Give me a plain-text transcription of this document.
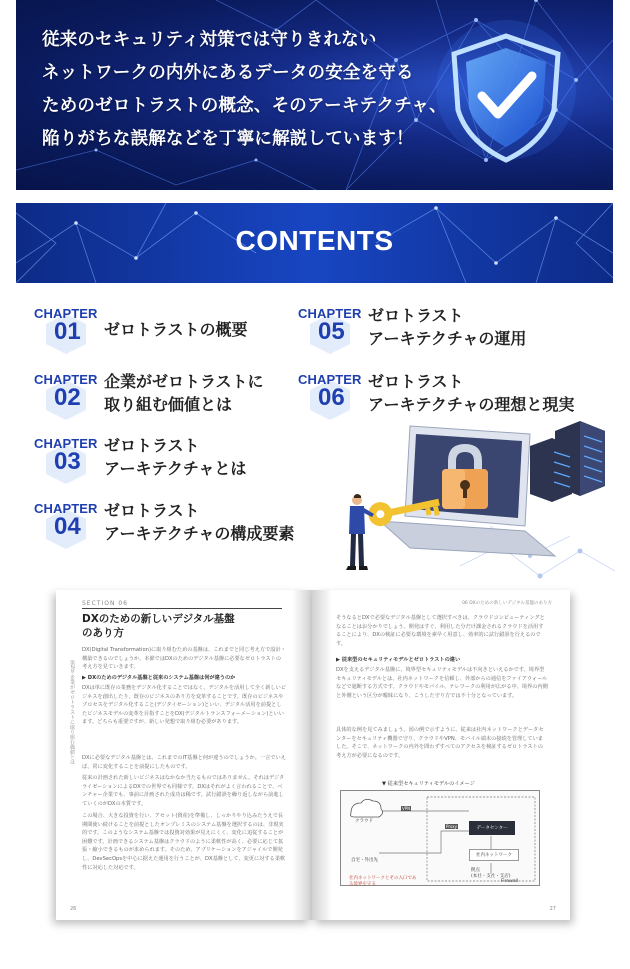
従来のセキュリティ対策では守りきれない
ネットワークの内外にあるデータの安全を守る
ためのゼロトラストの概念、そのアーキテクチャ、
陥りがちな誤解などを丁寧に解説しています！
CONTENTS
CHAPTER
01 ゼロトラストの概要
CHAPTER
02
企業がゼロトラストに
取り組む価値とは
CHAPTER
03
ゼロトラスト
アーキテクチャとは
CHAPTER
04
ゼロトラスト
アーキテクチャの構成要素
CHAPTER
05
ゼロトラスト
アーキテクチャの運用
CHAPTER
06
ゼロトラスト
アーキテクチャの理想と現実
SECTION 06
DXのための新しいデジタル基盤
のあり方
第2章 企業がゼロトラストに取り組む価値とは
DX(Digital Transformation)に取り組むための基盤は、これまでと同じ考え方で設計・構築できるのでしょうか。本節ではDXのためのデジタル基盤に必要なゼロトラストの考え方を見ていきます。
▶ DXのためのデジタル基盤と従来のシステム基盤は何が違うのか
DXは単に既存の業務をデジタル化することではなく、デジタルを活用して全く新しいビジネスを創出したり、既存のビジネスのあり方を変革することです。既存のビジネスやプロセスをデジタル化すること(デジタイゼーション)といい、デジタル活用を前提としたビジネスモデルの変革を目指すことをDX(デジタルトランスフォーメーション)といいます。どちらも重要ですが、新しい発想で取り組む必要があります。
DXに必要なデジタル基盤とは、これまでのIT基盤と何が違うのでしょうか。一言でいえば、常に変化することを前提にしたものです。
従来の計画された新しいビジネスはなかなか当たるものではありません。それはデジタライゼーションによるDXでの世界でも同様です。DXはそれがよく言われることで、ベンチャー企業でも、事前に計画された成功は稀です。試行錯誤を繰り返しながら前進していくのがDXの本質です。
この場合、大きな投資を行い、アセット(資産)を準備し、しっかりやり込みたうえで長期間使い続けることを前提としたオンプレミスのシステム基盤を選択するのは、非現実的です。このようなシステム基盤では投資対効果が見えにくく、変化に追従することが困難です。計画できるシステム基盤はクラウドのように柔軟性が高く、必要に応じて拡張・縮小できるものが求められます。そのため、アプリケーションをアジャイルで開発し、DevSecOpsを中心に据えた運用を行うことが、DX基盤として、変更に対する柔軟性に対応した対応です。
26
06 DXのための新しいデジタル基盤のあり方
そうなるとDXで必要なデジタル基盤として選択すべきは、クラウドコンピューティングとなることはお分かりでしょう。開発はすぐ、利用した分だけ課金されるクラウドを活用することにより、DXの検証に必要な環境を素早く用意し、効率的に試行錯誤を行えるのです。
▶ 従来型のセキュリティモデルとゼロトラストの違い
DXを支えるデジタル基盤に、境界型セキュリティモデルは不向きといえるかです。境界型セキュリティモデルとは、社内ネットワークを信頼し、外部からの通信をファイアウォールなどで遮断する方式です。クラウドやモバイル、テレワークの利用が広がる中、境界の内側と外側という区分が曖昧になり、こうした守り方では不十分となっています。
具体的な例を見てみましょう。図の例で示すように、従来は社内ネットワークとデータセンターをセキュリティ機器で守り、クラウドやVPN、モバイル端末の接続を管理していました。そこで、ネットワークの内外を問わずすべてのアクセスを検証するゼロトラストの考え方が必要になるのです。
▼ 従来型セキュリティモデルのイメージ
クラウド
VPN
Proxy	データセンター
社内ネットワーク
自宅・外出先
拠点
(本社・支社・支店)
Firewall
社内ネットワークとその入口である境界を守る
27
